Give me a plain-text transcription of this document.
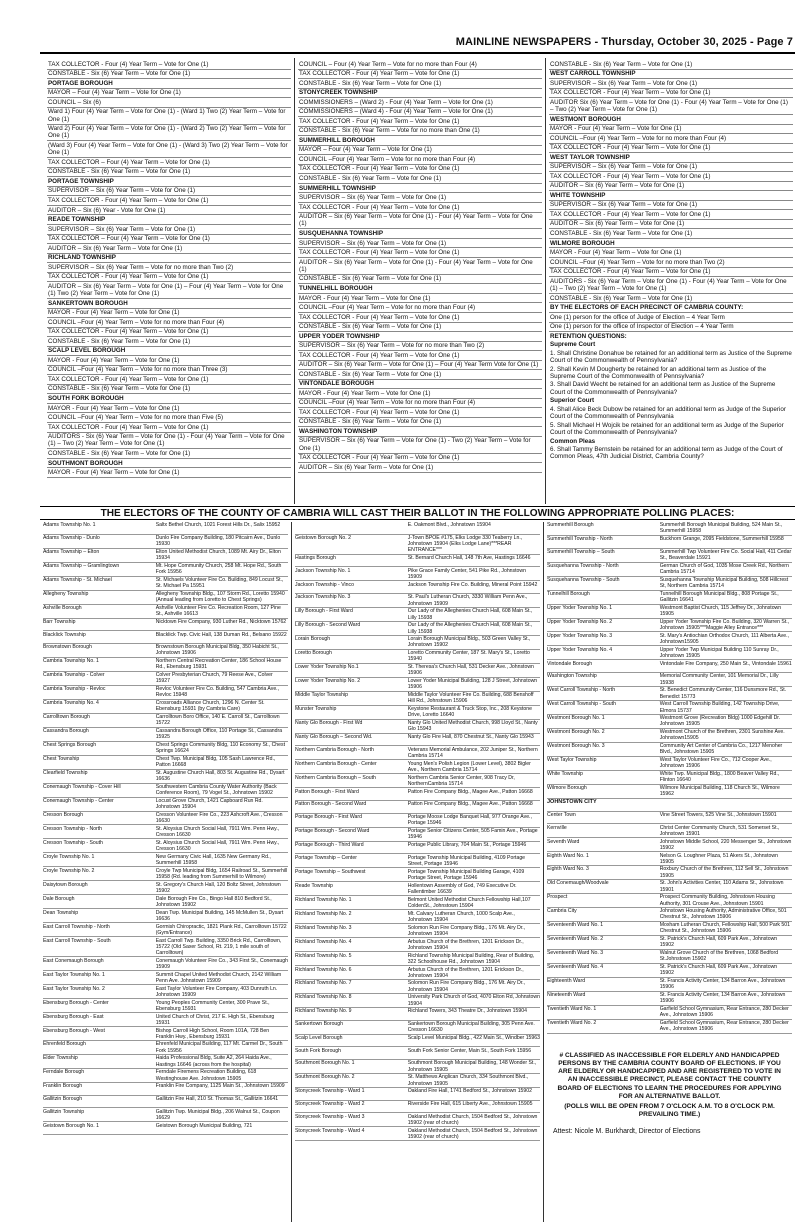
MAINLINE NEWSPAPERS - Thursday, October 30, 2025 - Page 7
TAX COLLECTOR - Four (4) Year Term – Vote for One (1)
CONSTABLE - Six (6) Year Term – Vote for One (1)
PORTAGE BOROUGH
MAYOR – Four (4) Year Term – Vote for One (1)
COUNCIL – Six (6)
Ward 1) Four (4) Year Term – Vote for One (1) - (Ward 1) Two (2) Year Term – Vote for One (1)
Ward 2) Four (4) Year Term – Vote for One (1) - (Ward 2) Two (2) Year Term – Vote for One (1)
(Ward 3) Four (4) Year Term – Vote for One (1) - (Ward 3) Two (2) Year Term – Vote for One (1)
TAX COLLECTOR – Four (4) Year Term – Vote for One (1)
CONSTABLE - Six (6) Year Term – Vote for One (1)
PORTAGE TOWNSHIP
SUPERVISOR – Six (6) Year Term – Vote for One (1)
TAX COLLECTOR - Four (4) Year Term – Vote for One (1)
AUDITOR – Six (6) Year - Vote for One (1)
READE TOWNSHIP
SUPERVISOR – Six (6) Year Term – Vote for One (1)
TAX COLLECTOR – Four (4) Year Term – Vote for One (1)
AUDITOR – Six (6) Year Term – Vote for One (1)
RICHLAND TOWNSHIP
SUPERVISOR – Six (6) Year Term – Vote for no more than Two (2)
TAX COLLECTOR - Four (4) Year Term – Vote for One (1)
AUDITOR – Six (6) Year Term – Vote for One (1) – Four (4) Year Term – Vote for One (1) Two (2) Year Term – Vote for One (1)
SANKERTOWN BOROUGH
MAYOR - Four (4) Year Term – Vote for One (1)
COUNCIL –Four (4) Year Term – Vote for no more than Four (4)
TAX COLLECTOR - Four (4) Year Term – Vote for One (1)
CONSTABLE - Six (6) Year Term – Vote for One (1)
SCALP LEVEL BOROUGH
MAYOR - Four (4) Year Term – Vote for One (1)
COUNCIL –Four (4) Year Term – Vote for no more than Three (3)
TAX COLLECTOR - Four (4) Year Term – Vote for One (1)
CONSTABLE - Six (6) Year Term – Vote for One (1)
SOUTH FORK BOROUGH
MAYOR - Four (4) Year Term – Vote for One (1)
COUNCIL –Four (4) Year Term – Vote for no more than Five (5)
TAX COLLECTOR - Four (4) Year Term – Vote for One (1)
AUDITORS - Six (6) Year Term – Vote for One (1) - Four (4) Year Term – Vote for One (1) – Two (2) Year Term – Vote for One (1)
CONSTABLE - Six (6) Year Term – Vote for One (1)
SOUTHMONT BOROUGH
MAYOR - Four (4) Year Term – Vote for One (1)
COUNCIL – Four (4) Year Term – Vote for no more than Four (4)
TAX COLLECTOR - Four (4) Year Term – Vote for One (1)
CONSTABLE - Six (6) Year Term – Vote for One (1)
STONYCREEK TOWNSHIP
COMMISSIONERS – (Ward 2) - Four (4) Year Term – Vote for One (1)
COMMISSIONERS – (Ward 4) - Four (4) Year Term – Vote for One (1)
TAX COLLECTOR - Four (4) Year Term – Vote for One (1)
CONSTABLE - Six (6) Year Term – Vote for no more than One (1)
SUMMERHILL BOROUGH
MAYOR – Four (4) Year Term – Vote for One (1)
COUNCIL –Four (4) Year Term – Vote for no more than Four (4)
TAX COLLECTOR - Four (4) Year Term – Vote for One (1)
CONSTABLE - Six (6) Year Term – Vote for One (1)
SUMMERHILL TOWNSHIP
SUPERVISOR – Six (6) Year Term – Vote for One (1)
TAX COLLECTOR - Four (4) Year Term – Vote for One (1)
AUDITOR – Six (6) Year Term – Vote for One (1) - Four (4) Year Term – Vote for One (1)
SUSQUEHANNA TOWNSHIP
SUPERVISOR – Six (6) Year Term – Vote for One (1)
TAX COLLECTOR - Four (4) Year Term – Vote for One (1)
AUDITOR – Six (6) Year Term – Vote for One (1) - Four (4) Year Term – Vote for One (1)
CONSTABLE - Six (6) Year Term – Vote for One (1)
TUNNELHILL BOROUGH
MAYOR - Four (4) Year Term – Vote for One (1)
COUNCIL –Four (4) Year Term – Vote for no more than Four (4)
TAX COLLECTOR - Four (4) Year Term – Vote for One (1)
CONSTABLE - Six (6) Year Term – Vote for One (1)
UPPER YODER TOWNSHIP
SUPERVISOR – Six (6) Year Term – Vote for no more than Two (2)
TAX COLLECTOR - Four (4) Year Term – Vote for One (1)
AUDITOR – Six (6) Year Term – Vote for One (1) – Four (4) Year Term Vote for One (1)
CONSTABLE - Six (6) Year Term – Vote for One (1)
VINTONDALE BOROUGH
MAYOR - Four (4) Year Term – Vote for One (1)
COUNCIL –Four (4) Year Term – Vote for no more than Four (4)
TAX COLLECTOR - Four (4) Year Term – Vote for One (1)
CONSTABLE - Six (6) Year Term – Vote for One (1)
WASHINGTON TOWNSHIP
SUPERVISOR – Six (6) Year Term – Vote for One (1) - Two (2) Year Term – Vote for One (1)
TAX COLLECTOR - Four (4) Year Term – Vote for One (1)
AUDITOR – Six (6) Year Term – Vote for One (1)
CONSTABLE - Six (6) Year Term – Vote for One (1)
WEST CARROLL TOWNSHIP
SUPERVISOR – Six (6) Year Term – Vote for One (1)
TAX COLLECTOR - Four (4) Year Term – Vote for One (1)
AUDITOR Six (6) Year Term – Vote for One (1) - Four (4) Year Term – Vote for One (1) – Two (2) Year Term – Vote for One (1)
WESTMONT BOROUGH
MAYOR - Four (4) Year Term – Vote for One (1)
COUNCIL –Four (4) Year Term – Vote for no more than Four (4)
TAX COLLECTOR - Four (4) Year Term – Vote for One (1)
WEST TAYLOR TOWNSHIP
SUPERVISOR – Six (6) Year Term – Vote for One (1)
TAX COLLECTOR - Four (4) Year Term – Vote for One (1)
AUDITOR – Six (6) Year Term – Vote for One (1)
WHITE TOWNSHIP
SUPERVISOR – Six (6) Year Term – Vote for One (1)
TAX COLLECTOR - Four (4) Year Term – Vote for One (1)
AUDITOR – Six (6) Year Term – Vote for One (1)
CONSTABLE - Six (6) Year Term – Vote for One (1)
WILMORE BOROUGH
MAYOR - Four (4) Year Term – Vote for One (1)
COUNCIL –Four (4) Year Term – Vote for no more than Two (2)
TAX COLLECTOR - Four (4) Year Term – Vote for One (1)
AUDITORS - Six (6) Year Term – Vote for One (1) - Four (4) Year Term – Vote for One (1) – Two (2) Year Term – Vote for One (1)
CONSTABLE - Six (6) Year Term – Vote for One (1)
BY THE ELECTORS OF EACH PRECINCT OF CAMBRIA COUNTY:
One (1) person for the office of Judge of Election – 4 Year Term
One (1) person for the office of Inspector of Election – 4 Year Term
RETENTION QUESTIONS:
Supreme Court
1. Shall Christine Donahue be retained for an additional term as Justice of the Supreme Court of the Commonwealth of Pennsylvania?
2. Shall Kevin M Dougherty be retained for an additional term as Justice of the Supreme Court of the Commonwealth of Pennsylvania?
3. Shall David Wecht be retained for an additional term as Justice of the Supreme Court of the Commonwealth of Pennsylvania?
Superior Court
4. Shall Alice Beck Dubow be retained for an additional term as Judge of the Superior Court of the Commonwealth of Pennsylvania
5. Shall Michael H Wojcik be retained for an additional term as Judge of the Superior Court of the Commonwealth of Pennsylvania?
Common Pleas
6. Shall Tammy Bernstein be retained for an additional term as Judge of the Court of Common Pleas, 47th Judicial District, Cambria County?
THE ELECTORS OF THE COUNTY OF CAMBRIA WILL CAST THEIR BALLOT IN THE FOLLOWING APPROPRIATE POLLING PLACES:
Adams Township No. 1	Saltx Bethel Church, 1021 Forest Hills Dr., Salix 15952
Adams Township - Dunlo	Dunlo Fire Company Building, 180 Pitcairn Ave., Dunlo 15930
Adams Township – Elton	Elton United Methodist Church, 1089 Mt. Airy Dr., Elton 15934
Adams Township – Gramlingtown	Mt. Hope Community Church, 258 Mt. Hope Rd., South Fork 15956
Adams Township - St. Michael	St. Michaels Volunteer Fire Co. Building, 849 Locust St., St. Michael Pa 15951
Allegheny Township	Allegheny Township Bldg., 107 Storm Rd., Loretto 15940 (Annual leading from Loretto to Chest Springs)
Ashville Borough	Ashville Volunteer Fire Co. Recreation Room, 127 Pine St., Ashville 16613
Barr Township	Nicktown Fire Company, 930 Luther Rd., Nicktown 15762
Blacklick Township	Blacklick Twp. Civic Hall, 138 Duman Rd., Belsano 15922
Brownstown Borough	Brownstown Borough Municipal Bldg, 350 Habicht St., Johnstown 15906
Cambria Township No. 1	Northern Central Recreation Center, 186 School House Rd., Ebensburg 15931
Cambria Township - Colver	Colver Presbyterian Church, 79 Reese Ave., Colver 15927
Cambria Township - Revloc	Revloc Volunteer Fire Co. Building, 547 Cambria Ave., Revloc 15948
Cambria Township No. 4	Crossroads Alliance Church, 1296 N. Center St. Ebensburg 15931 (by Cambria Care)
Carrolltown Borough	Carrolltown Boro Office, 140 E. Carroll St., Carrolltown 15722
Cassandra Borough	Cassandra Borough Office, 110 Portage St., Cassandra 15925
Chest Springs Borough	Chest Springs Community Bldg, 110 Economy St., Chest Springs 16624
Chest Township	Chest Twp. Municipal Bldg, 105 Sash Lawrence Rd., Patton 16668
Clearfield Township	St. Augustine Church Hall, 803 St. Augustine Rd., Dysart 16636
Conemaugh Township - Cover Hill	Southwestern Cambria County Water Authority (Back Conference Room), 79 Vogel St., Johnstown 15902
Conemaugh Township - Center	Locust Grove Church, 1421 Capboard Run Rd. Johnstown 15904
Cresson Borough	Cresson Volunteer Fire Co., 223 Ashcroft Ave., Cresson 16630
Cresson Township - North	St. Aloysius Church Social Hall, 7911 Wm. Penn Hwy., Cresson 16630
Cresson Township - South	St. Aloysius Church Social Hall, 7911 Wm. Penn Hwy., Cresson 16630
Croyle Township No. 1	New Germany Civic Hall, 1635 New Germany Rd., Summerhill 15958
Croyle Township No. 2	Croyle Twp Municipal Bldg, 1654 Railroad St., Summerhill 15958 (Rd. leading from Summerhill to Wilmore)
Daisytown Borough	St. Gregory's Church Hall, 120 Boltz Street, Johnstown 15902
Dale Borough	Dale Borough Fire Co., Bingo Hall 810 Bedford St., Johnstown 15902
Dean Township	Dean Twp. Municipal Building, 145 McMullen St., Dysart 16636
East Carroll Township - North	Gormish Chiropractic, 1821 Plank Rd., Carrolltown 15722 (Gym/Entrance)
East Carroll Township - South	East Carroll Twp. Building, 3350 Brick Rd., Carrolltown, 15722 (Old Saxer School, Rt. 219, 1 mile south of Carrolltown)
East Conemaugh Borough	Conemaugh Volunteer Fire Co., 343 First St., Conemaugh 15909
East Taylor Township No. 1	Summit Chapel United Methodist Church, 2142 William Penn Ave. Johnstown 15909
East Taylor Township No. 2	East Taylor Volunteer Fire Company, 403 Dunruth Ln. Johnstown 15909
Ebensburg Borough - Center	Young Peoples Community Center, 300 Prave St., Ebensburg 15931
Ebensburg Borough - East	United Church of Christ, 217 E. High St., Ebensburg 15931
Ebensburg Borough - West	Bishop Carroll High School, Room 101A, 728 Ben Franklin Hwy., Ebensburg 15931
Ehrenfeld Borough	Ehrenfeld Municipal Building, 117 Mt. Carmel Dr., South Fork 15956
Elder Township	Haida Professional Bldg, Suite A2, 264 Haida Ave., Hastings 16646 (across from the hospital)
Ferndale Borough	Ferndale Firemens Recreation Building, 618 Westinghouse Ave. Johnstown 15905
Franklin Borough	Franklin Fire Company, 1125 Main St., Johnstown 15909
Gallitzin Borough	Gallitzin Fire Hall, 210 St. Thomas St., Gallitzin 16641
Gallitzin Township	Gallitzin Twp. Municipal Bldg., 206 Walnut St., Coupon 16629
Geistown Borough No. 1	Geistown Borough Municipal Building, 721
E. Oakmont Blvd., Johnstown 15904
Geistown Borough No. 2	J-Town BPOE #175, Elks Lodge 330 Teaberry Ln., Johnstown 15904 (Elks Lodge Lane)***REAR ENTRANCE***
Hastings Borough	St. Bernard Church Hall, 148 7th Ave, Hastings 16646
Jackson Township No. 1	Pike Grace Family Center, 541 Pike Rd., Johnstown 15909
Jackson Township - Vinco	Jackson Township Fire Co. Building, Mineral Point 15942
Jackson Township No. 3	St. Paul's Lutheran Church, 3330 William Penn Ave., Johnstown 15909
Lilly Borough - First Ward	Our Lady of the Alleghenies Church Hall, 608 Main St., Lilly 15938
Lilly Borough - Second Ward	Our Lady of the Alleghenies Church Hall, 608 Main St., Lilly 15938
Lorain Borough	Lorain Borough Municipal Bldg., 503 Green Valley St., Johnstown 15902
Loretto Borough	Loretto Community Center, 187 St. Mary's St., Loretto 15940
Lower Yoder Township No.1	St. Theresa's Church Hall, 531 Decker Ave., Johnstown 15906
Lower Yoder Township No. 2	Lower Yoder Municipal Building, 128 J Street, Johnstown 15906
Middle Taylor Township	Middle Taylor Volunteer Fire Co. Building, 688 Benshoff Hill Rd., Johnstown 15906
Munster Township	Keystone Restaurant & Truck Stop, Inc., 208 Keystone Drive, Loretto 16640
Nanty Glo Borough - First Wd	Nanty Glo United Methodist Church, 998 Lloyd St., Nanty Glo 15943
Nanty Glo Borough – Second Wd.	Nanty Glo Fire Hall, 870 Chestnut St., Nanty Glo 15943
Northern Cambria Borough - North	Veterans Memorial Ambulance, 202 Juniper St., Northern Cambria 15714
Northern Cambria Borough - Center	Young Men's Polish Legion (Lower Level), 3802 Bigler Ave., Northern Cambria 15714
Northern Cambria Borough – South	Northern Cambria Senior Center, 908 Tracy Dr, NorthernCambria 15714
Patton Borough - First Ward	Patton Fire Company Bldg., Magee Ave., Patton 16668
Patton Borough - Second Ward	Patton Fire Company Bldg., Magee Ave., Patton 16668
Portage Borough - First Ward	Portage Moose Lodge Banquet Hall, 977 Orange Ave., Portage 15946
Portage Borough - Second Ward	Portage Senior Citizens Center, 505 Famin Ave., Portage 15946
Portage Borough - Third Ward	Portage Public Library, 704 Main St., Portage 15946
Portage Township – Center	Portage Township Municipal Building, 4109 Portage Street, Portage 15946
Portage Township – Southwest	Portage Township Municipal Building Garage, 4109 Portage Street, Portage 15946
Reade Township	Hollentown Assembly of God, 749 Executive Dr. Fallentimber 16639
Richland Township No. 1	Belmont United Methodist Church Fellowship Hall,107 ColdenSt., Johnstown 15904
Richland Township No. 2	Mt. Calvary Lutheran Church, 1000 Scalp Ave., Johnstown 15904
Richland Township No. 3	Solomon Run Fire Company Bldg., 176 Mt. Airy Dr., Johnstown 15904
Richland Township No. 4	Arbutus Church of the Brethren, 1201 Erickson Dr., Johnstown 15904
Richland Township No. 5	Richland Township Municipal Building, Rear of Building, 322 Schoolhouse Rd., Johnstown 15904
Richland Township No. 6	Arbutus Church of the Brethren, 1201 Erickson Dr., Johnstown 15904
Richland Township No. 7	Solomon Run Fire Company Bldg., 176 Mt. Airy Dr., Johnstown 15904
Richland Township No. 8	University Park Church of God, 4070 Elton Rd, Johnstown 15904
Richland Township No. 9	Richland Towers, 343 Theatre Dr., Johnstown 15904
Sankertown Borough	Sankertown Borough Municipal Building, 305 Penn Ave. Cresson 16630
Scalp Level Borough	Scalp Level Municipal Bldg., 422 Main St., Windber 15963
South Fork Borough	South Fork Senior Center, Main St., South Fork 15956
Southmont Borough No. 1	Southmont Borough Municipal Building, 148 Wonder St., Johnstown 15905
Southmont Borough No. 2	St. Matthews Anglican Church, 334 Southmont Blvd., Johnstown 15905
Stonycreek Township - Ward 1	Oakland Fire Hall, 1741 Bedford St., Johnstown 15902
Stonycreek Township - Ward 2	Riverside Fire Hall, 615 Liberty Ave., Johnstown 15905
Stonycreek Township - Ward 3	Oakland Methodist Church, 1504 Bedford St., Johnstown 15902 (rear of church)
Stonycreek Township - Ward 4	Oakland Methodist Church, 1504 Bedford St., Johnstown 15902 (rear of church)
Summerhill Borough	Summerhill Borough Municipal Building, 524 Main St., Summerhill 15958
Summerhill Township - North	Buckhorn Grange, 2095 Fieldstone, Summerhill 15958
Summerhill Township – South	Summerhill Twp Volunteer Fire Co. Social Hall, 411 Cedar St., Beaverdale 15921
Susquehanna Township - North	German Church of God, 1035 Mose Creek Rd., Northern Cambria 15714
Susquehanna Township - South	Susquehanna Township Municipal Building, 508 Hillcrest St, Northern Cambria 15714
Tunnelhill Borough	Tunnelhill Borough Municipal Bldg., 808 Portage St., Gallitzin 16641
Upper Yoder Township No. 1	Westmont Baptist Church, 115 Jeffrey Dr., Johnstown 15905
Upper Yoder Township No. 2	Upper Yoder Township Fire Co. Building, 320 Warren St., Johnstown 15905***Maggie Alley Entrance***
Upper Yoder Township No. 3	St. Mary's Antiochian Orthodox Church, 111 Alberta Ave., Johnstown15905
Upper Yoder Township No. 4	Upper Yoder Twp Municipal Building 110 Sunray Dr., Johnstown 15905
Vintondale Borough	Vintondale Fire Company, 250 Main St., Vintondale 15961
Washington Township	Memorial Community Center, 101 Memorial Dr., Lilly 15938
West Carroll Township - North	St. Benedict Community Center, 116 Dunsmore Rd., St. Benedict 15773
West Carroll Township - South	West Carroll Township Building, 142 Township Drive, Elmora 15737
Westmont Borough No. 1	Westmont Grove (Recreation Bldg) 1000 Edgehill Dr. Johnstown 15905
Westmont Borough No. 2	Westmont Church of the Brethren, 2301 Sunshine Ave. Johnstown15905
Westmont Borough No. 3	Community Art Center of Cambria Co., 1217 Menoher Blvd., Johnstown 15905
West Taylor Township	West Taylor Volunteer Fire Co., 712 Cooper Ave., Johnstown 15906
White Township	White Twp. Municipal Bldg., 1800 Beaver Valley Rd., Flinton 16640
Wilmore Borough	Wilmore Municipal Building, 118 Church St., Wilmore 15962
JOHNSTOWN CITY
Center Town	Vine Street Towers, 525 Vine St., Johnstown 15901
Kernville	Christ Center Community Church, 531 Somerset St., Johnstown 15901
Seventh Ward	Johnstown Middle School, 220 Messenger St., Johnstown 15902
Eighth Ward No. 1	Nelson G. Loughner Plaza, 51 Akers St., Johnstown 15905
Eighth Ward No. 3	Roxbury Church of the Brethren, 112 Sell St., Johnstown 15905
Old Conemaugh/Woodvale	St. John's Activities Center, 110 Adams St., Johnstown 15901
Prospect	Prospect Community Building, Johnstown Housing Authority, 301 Crouse Ave., Johnstown 15901
Cambria City	Johnstown Housing Authority, Administrative Office, 501 Chestnut St., Johnstown 15906
Seventeenth Ward No. 1	Moxham Lutheran Church, Fellowship Hall, 500 Park 501 Chestnut St., Johnstown 15906
Seventeenth Ward No. 2	St. Patrick's Church Hall, 609 Park Ave., Johnstown 15902
Seventeenth Ward No. 3	Walnut Grove Church of the Brethren, 1068 Bedford St.Johnstown 15902
Seventeenth Ward No. 4	St. Patrick's Church Hall, 609 Park Ave., Johnstown 15902
Eighteenth Ward	St. Francis Activity Center, 134 Barron Ave., Johnstown 15906
Nineteenth Ward	St. Francis Activity Center, 134 Barron Ave., Johnstown 15906
Twentieth Ward No. 1	Garfield School Gymnasium, Rear Entrance, 280 Decker Ave., Johnstown 15906
Twentieth Ward No. 2	Garfield School Gymnasium, Rear Entrance, 280 Decker Ave., Johnstown 15906

# CLASSIFIED AS INACCESSIBLE FOR ELDERLY AND HANDICAPPED PERSONS BY THE CAMBRIA COUNTY BOARD OF ELECTIONS. IF YOU ARE ELDERLY OR HANDICAPPED AND ARE REGISTERED TO VOTE IN AN INACCESSIBLE PRECINCT, PLEASE CONTACT THE COUNTY BOARD OF ELECTIONS TO LEARN THE PROCEDURES FOR APPLYING FOR AN ALTERNATIVE BALLOT.

(POLLS WILL BE OPEN FROM 7 O'CLOCK A.M. TO 8 O'CLOCK P.M. PREVAILING TIME.)

Attest: Nicole M. Burkhardt, Director of Elections
